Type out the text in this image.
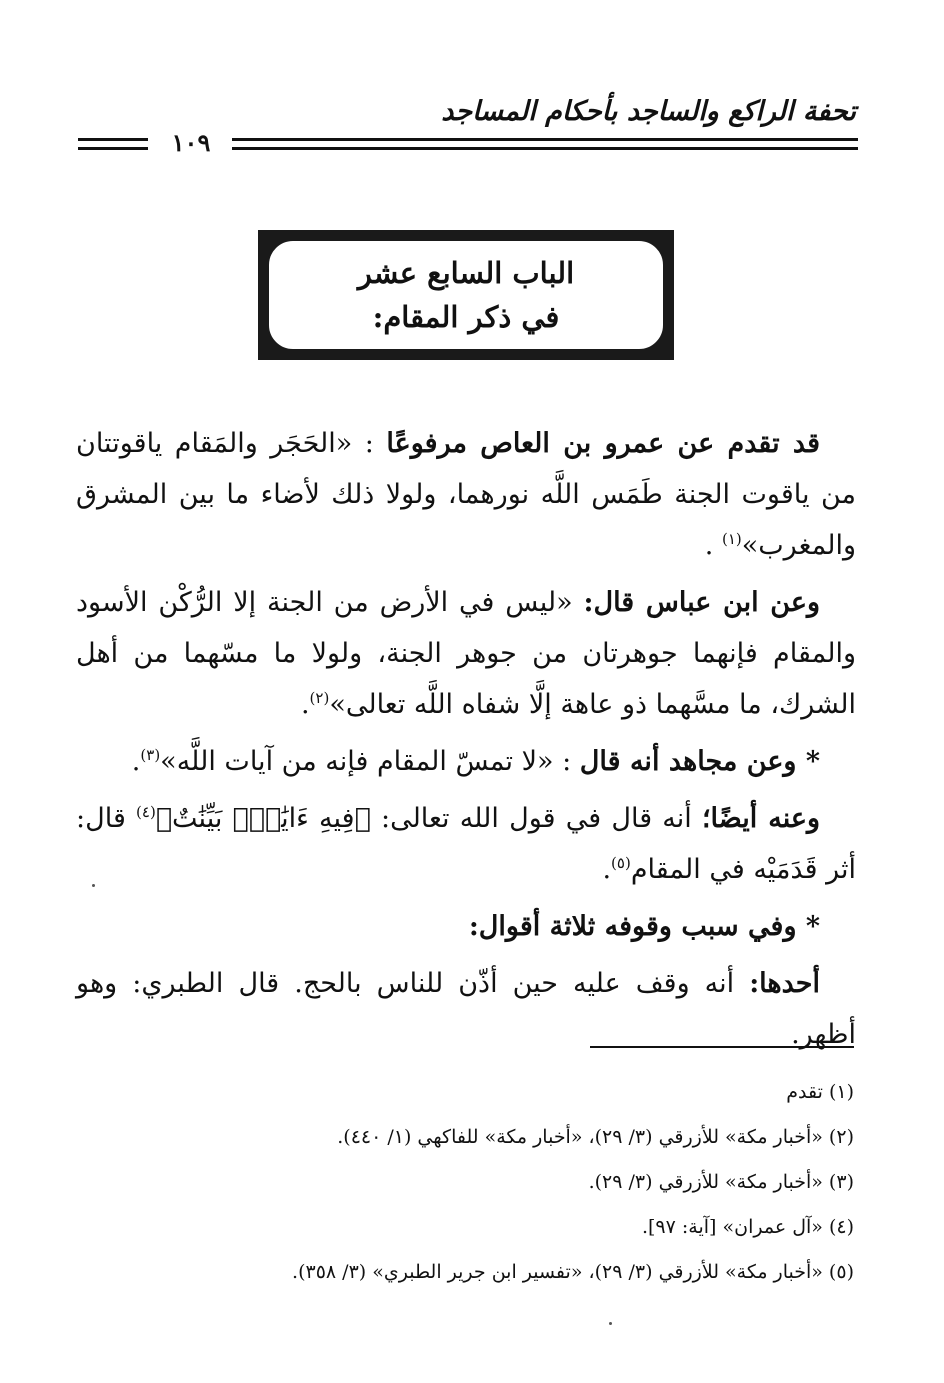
تحفة الراكع والساجد بأحكام المساجد
١٠٩
الباب السابع عشر
في ذكر المقام:

قد تقدم عن عمرو بن العاص مرفوعًا : «الحَجَر والمَقام ياقوتتان من ياقوت الجنة طَمَس اللَّه نورهما، ولولا ذلك لأضاء ما بين المشرق والمغرب»$^{(١)}$ .

وعن ابن عباس قال: «ليس في الأرض من الجنة إلا الرُّكْن الأسود والمقام فإنهما جوهرتان من جوهر الجنة، ولولا ما مسّهما من أهل الشرك، ما مسَّهما ذو عاهة إلَّا شفاه اللَّه تعالى»$^{(٢)}$.

* وعن مجاهد أنه قال : «لا تمسّ المقام فإنه من آيات اللَّه»$^{(٣)}$.

وعنه أيضًا؛ أنه قال في قول الله تعالى: ﴿فِيهِ ءَايَٰتُۢ بَيِّنَٰتٌ﴾$^{(٤)}$ قال: أثر قَدَمَيْه في المقام$^{(٥)}$.

* وفي سبب وقوفه ثلاثة أقوال:

أحدها: أنه وقف عليه حين أذّن للناس بالحج. قال الطبري: وهو أظهر.

(١) تقدم
(٢) «أخبار مكة» للأزرقي (٣/ ٢٩)، «أخبار مكة» للفاكهي (١/ ٤٤٠).
(٣) «أخبار مكة» للأزرقي (٣/ ٢٩).
(٤) «آل عمران» [آية: ٩٧].
(٥) «أخبار مكة» للأزرقي (٣/ ٢٩)، «تفسير ابن جرير الطبري» (٣/ ٣٥٨).
